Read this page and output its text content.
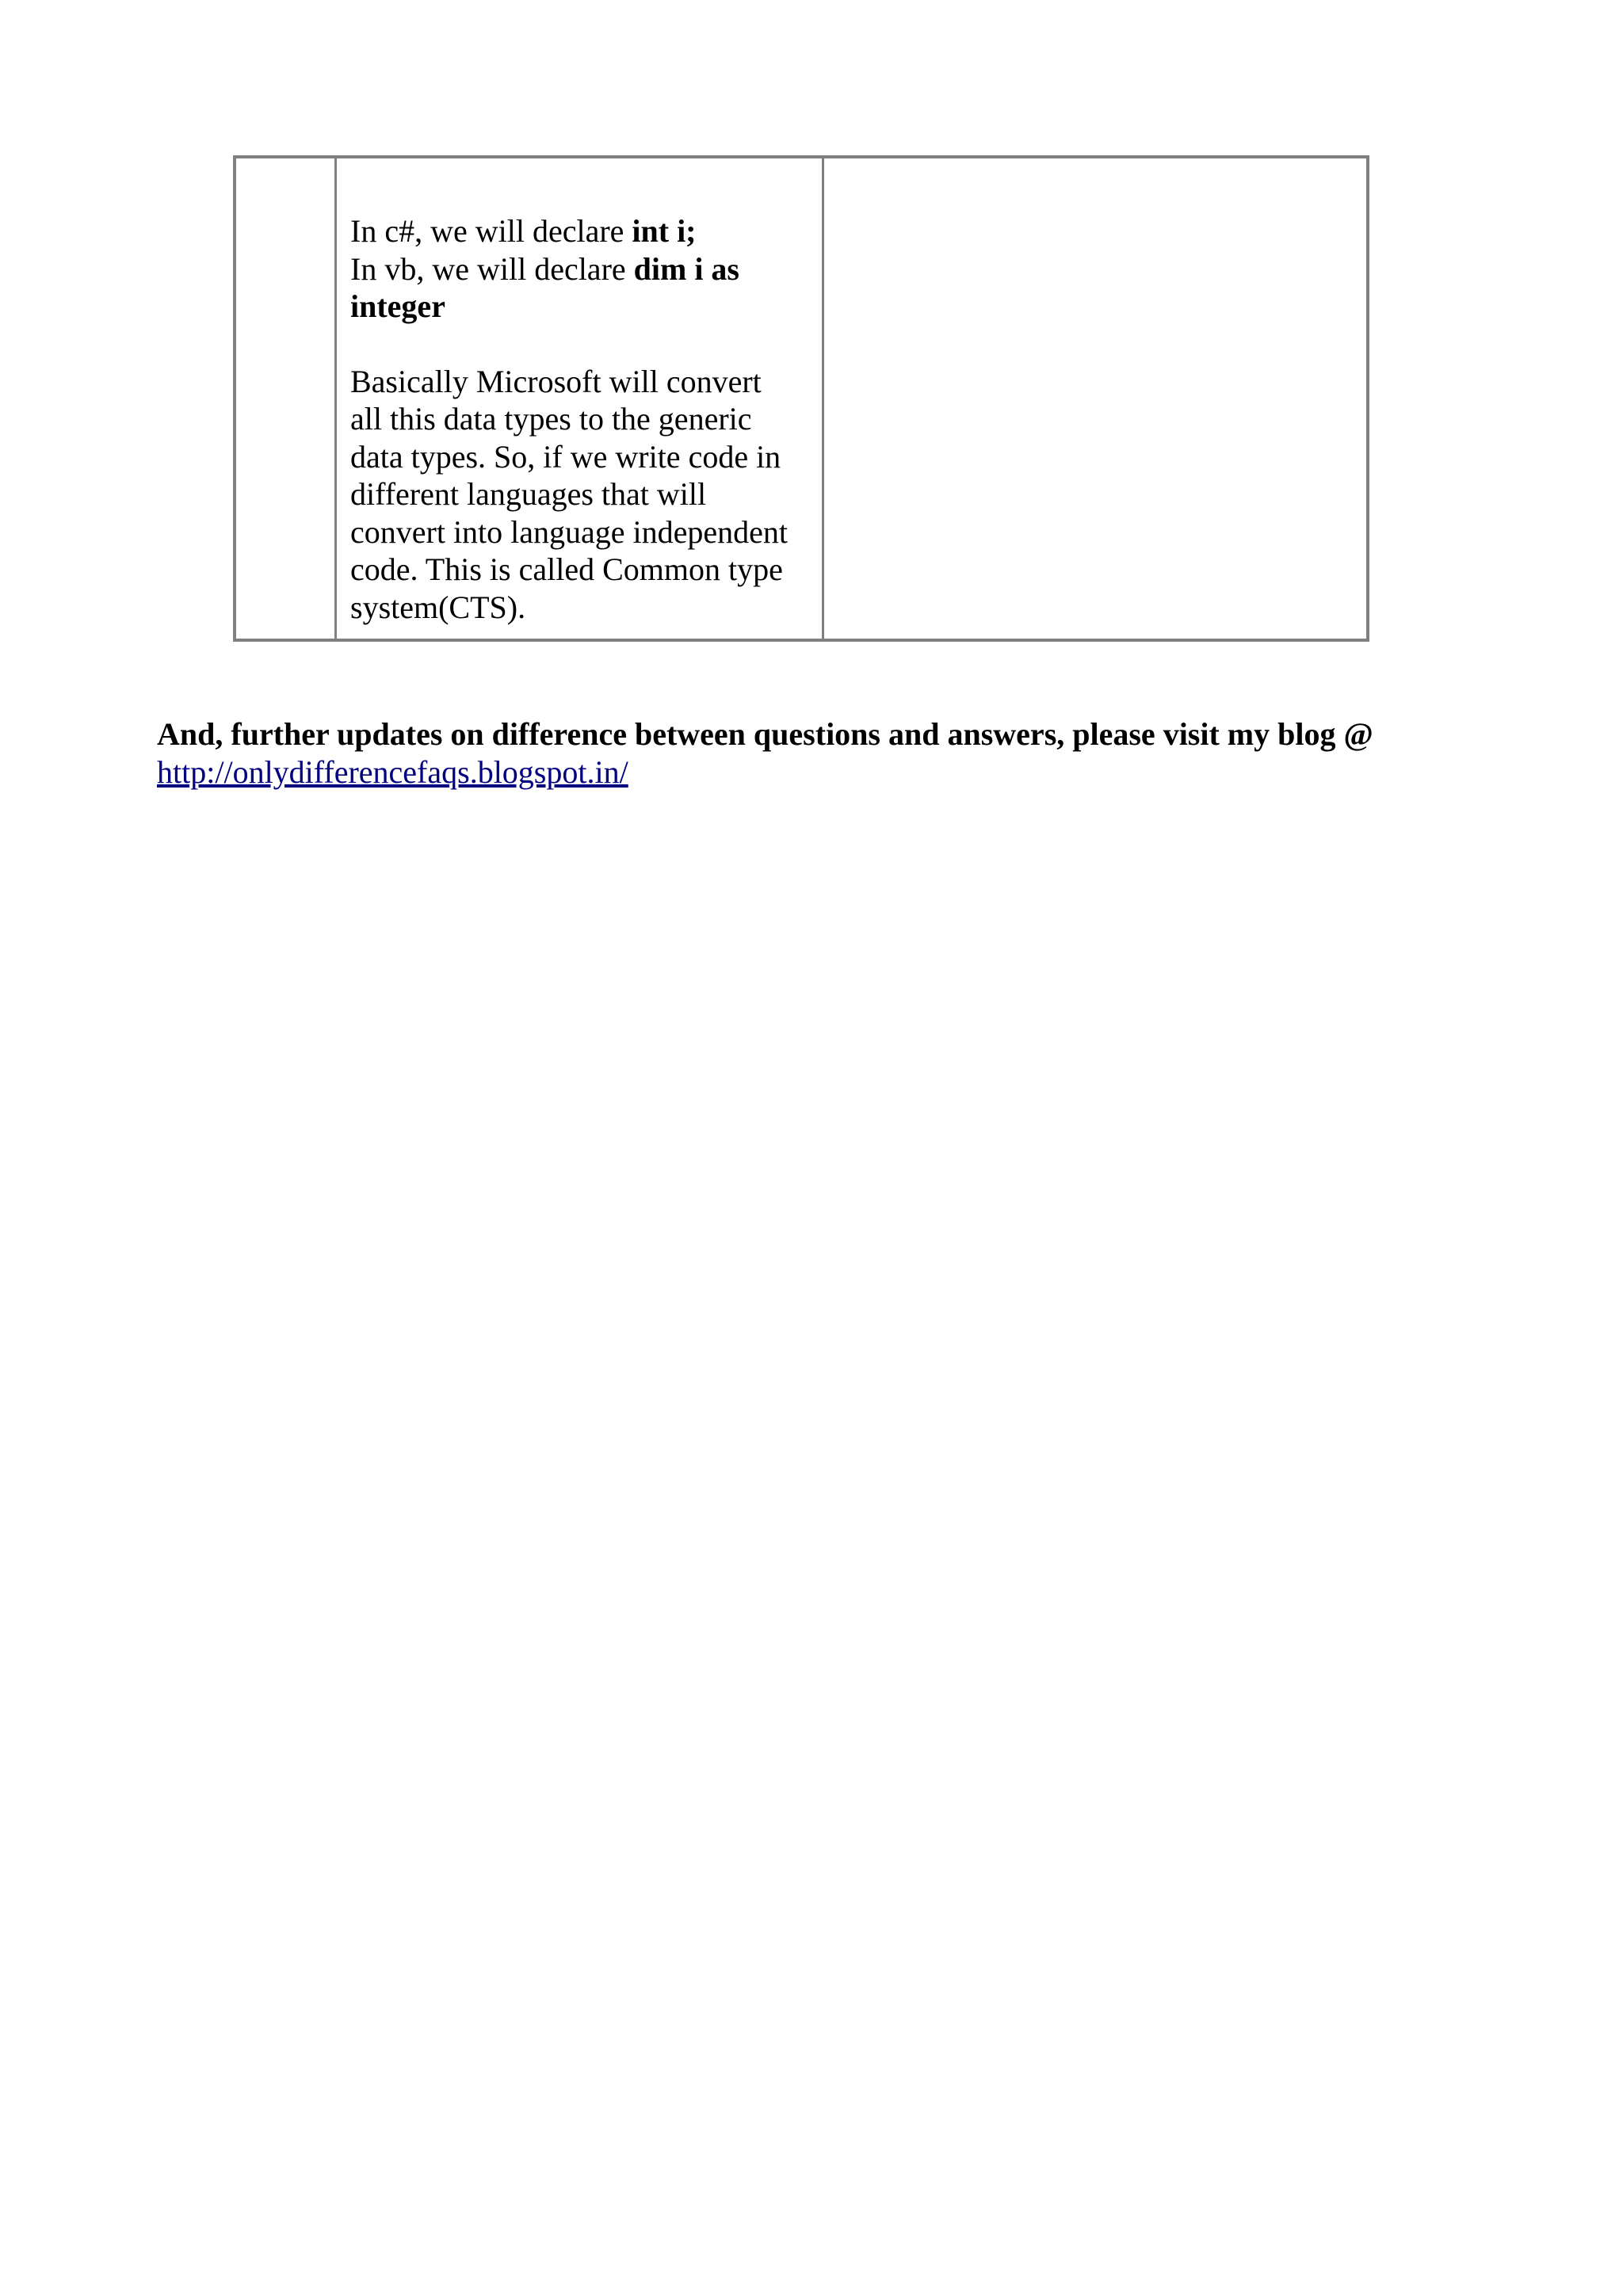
In c#, we will declare int i;
In vb, we will declare dim i as
integer
Basically Microsoft will convert
all this data types to the generic
data types. So, if we write code in
different languages that will
convert into language independent
code. This is called Common type
system(CTS).
And, further updates on difference between questions and answers, please visit my blog @
http://onlydifferencefaqs.blogspot.in/
